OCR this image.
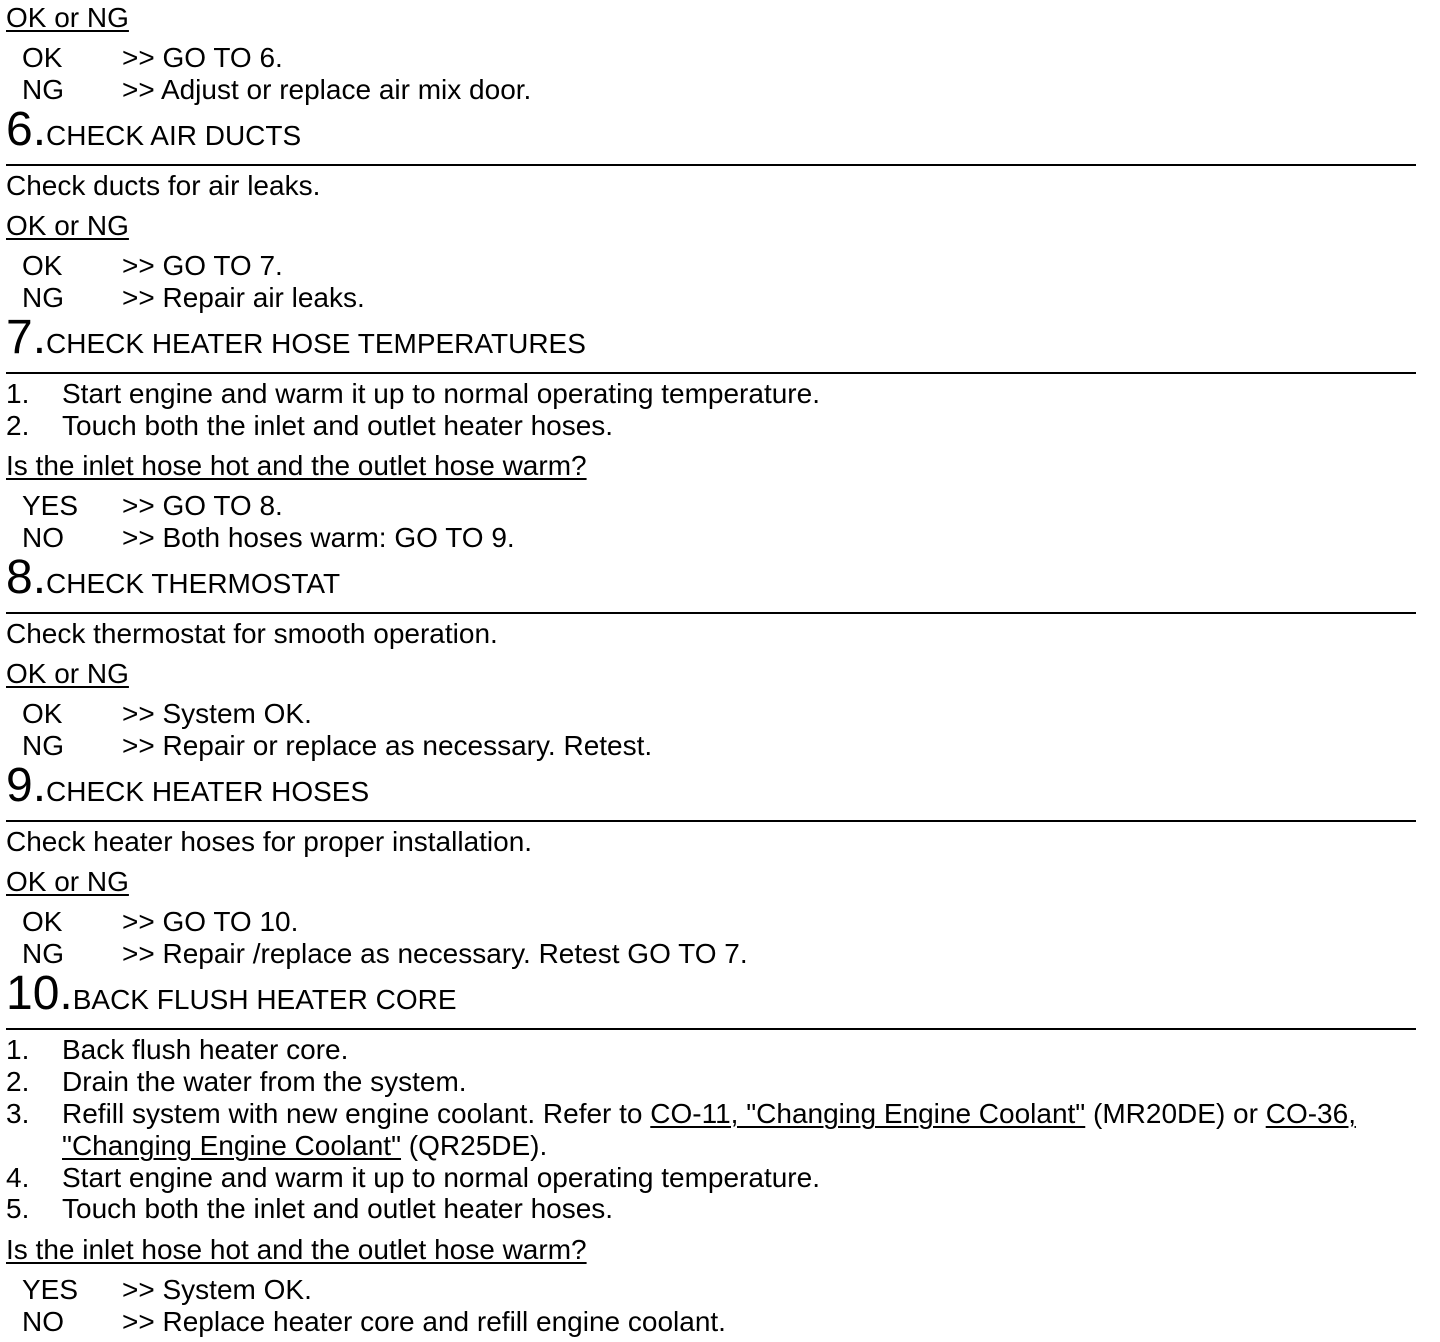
OK or NG
OK >> GO TO 6.
NG >> Adjust or replace air mix door.
6.CHECK AIR DUCTS
Check ducts for air leaks.
OK or NG
OK >> GO TO 7.
NG >> Repair air leaks.
7.CHECK HEATER HOSE TEMPERATURES
1. Start engine and warm it up to normal operating temperature.
2. Touch both the inlet and outlet heater hoses.
Is the inlet hose hot and the outlet hose warm?
YES >> GO TO 8.
NO >> Both hoses warm: GO TO 9.
8.CHECK THERMOSTAT
Check thermostat for smooth operation.
OK or NG
OK >> System OK.
NG >> Repair or replace as necessary. Retest.
9.CHECK HEATER HOSES
Check heater hoses for proper installation.
OK or NG
OK >> GO TO 10.
NG >> Repair /replace as necessary. Retest GO TO 7.
10.BACK FLUSH HEATER CORE
1. Back flush heater core.
2. Drain the water from the system.
3. Refill system with new engine coolant. Refer to CO-11, "Changing Engine Coolant" (MR20DE) or CO-36,
"Changing Engine Coolant" (QR25DE).
4. Start engine and warm it up to normal operating temperature.
5. Touch both the inlet and outlet heater hoses.
Is the inlet hose hot and the outlet hose warm?
YES >> System OK.
NO >> Replace heater core and refill engine coolant.
